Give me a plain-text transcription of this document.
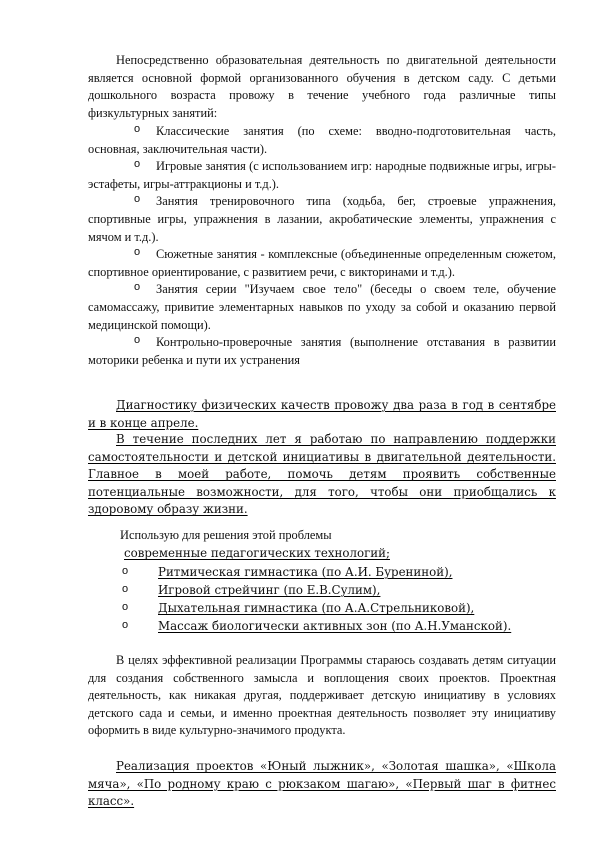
Непосредственно образовательная деятельность по двигательной деятельности является основной формой организованного обучения в детском саду. С детьми дошкольного возраста провожу в течение учебного года различные типы физкультурных занятий:

o	Классические занятия (по схеме: вводно-подготовительная часть, основная, заключительная части).
o	Игровые занятия (с использованием игр: народные подвижные игры, игры-эстафеты, игры-аттракционы и т.д.).
o	Занятия тренировочного типа (ходьба, бег, строевые упражнения, спортивные игры, упражнения в лазании, акробатические элементы, упражнения с мячом и т.д.).
o	Сюжетные занятия - комплексные (объединенные определенным сюжетом, спортивное ориентирование, с развитием речи, с викторинами и т.д.).
o	Занятия серии "Изучаем свое тело" (беседы о своем теле, обучение самомассажу, привитие элементарных навыков по уходу за собой и оказанию первой медицинской помощи).
o	Контрольно-проверочные занятия (выполнение отставания в развитии моторики ребенка и пути их устранения

Диагностику физических качеств провожу два раза в год в сентябре и в конце апреле.

В течение последних лет я работаю по направлению поддержки самостоятельности и детской инициативы в двигательной деятельности. Главное в моей работе, помочь детям проявить собственные потенциальные возможности, для того, чтобы они приобщались к здоровому образу жизни.

Использую для решения этой проблемы

современные педагогических технологий;

o	Ритмическая гимнастика (по А.И. Бурениной),
o	Игровой стрейчинг (по Е.В.Сулим),
o	Дыхательная гимнастика (по А.А.Стрельниковой),
o	Массаж биологически активных зон (по А.Н.Уманской).

В целях эффективной реализации Программы стараюсь создавать детям ситуации для создания собственного замысла и воплощения своих проектов. Проектная деятельность, как никакая другая, поддерживает детскую инициативу в условиях детского сада и семьи, и именно проектная деятельность позволяет эту инициативу оформить в виде культурно-значимого продукта.

Реализация проектов «Юный лыжник», «Золотая шашка», «Школа мяча», «По родному краю с рюкзаком шагаю», «Первый шаг в фитнес класс».
